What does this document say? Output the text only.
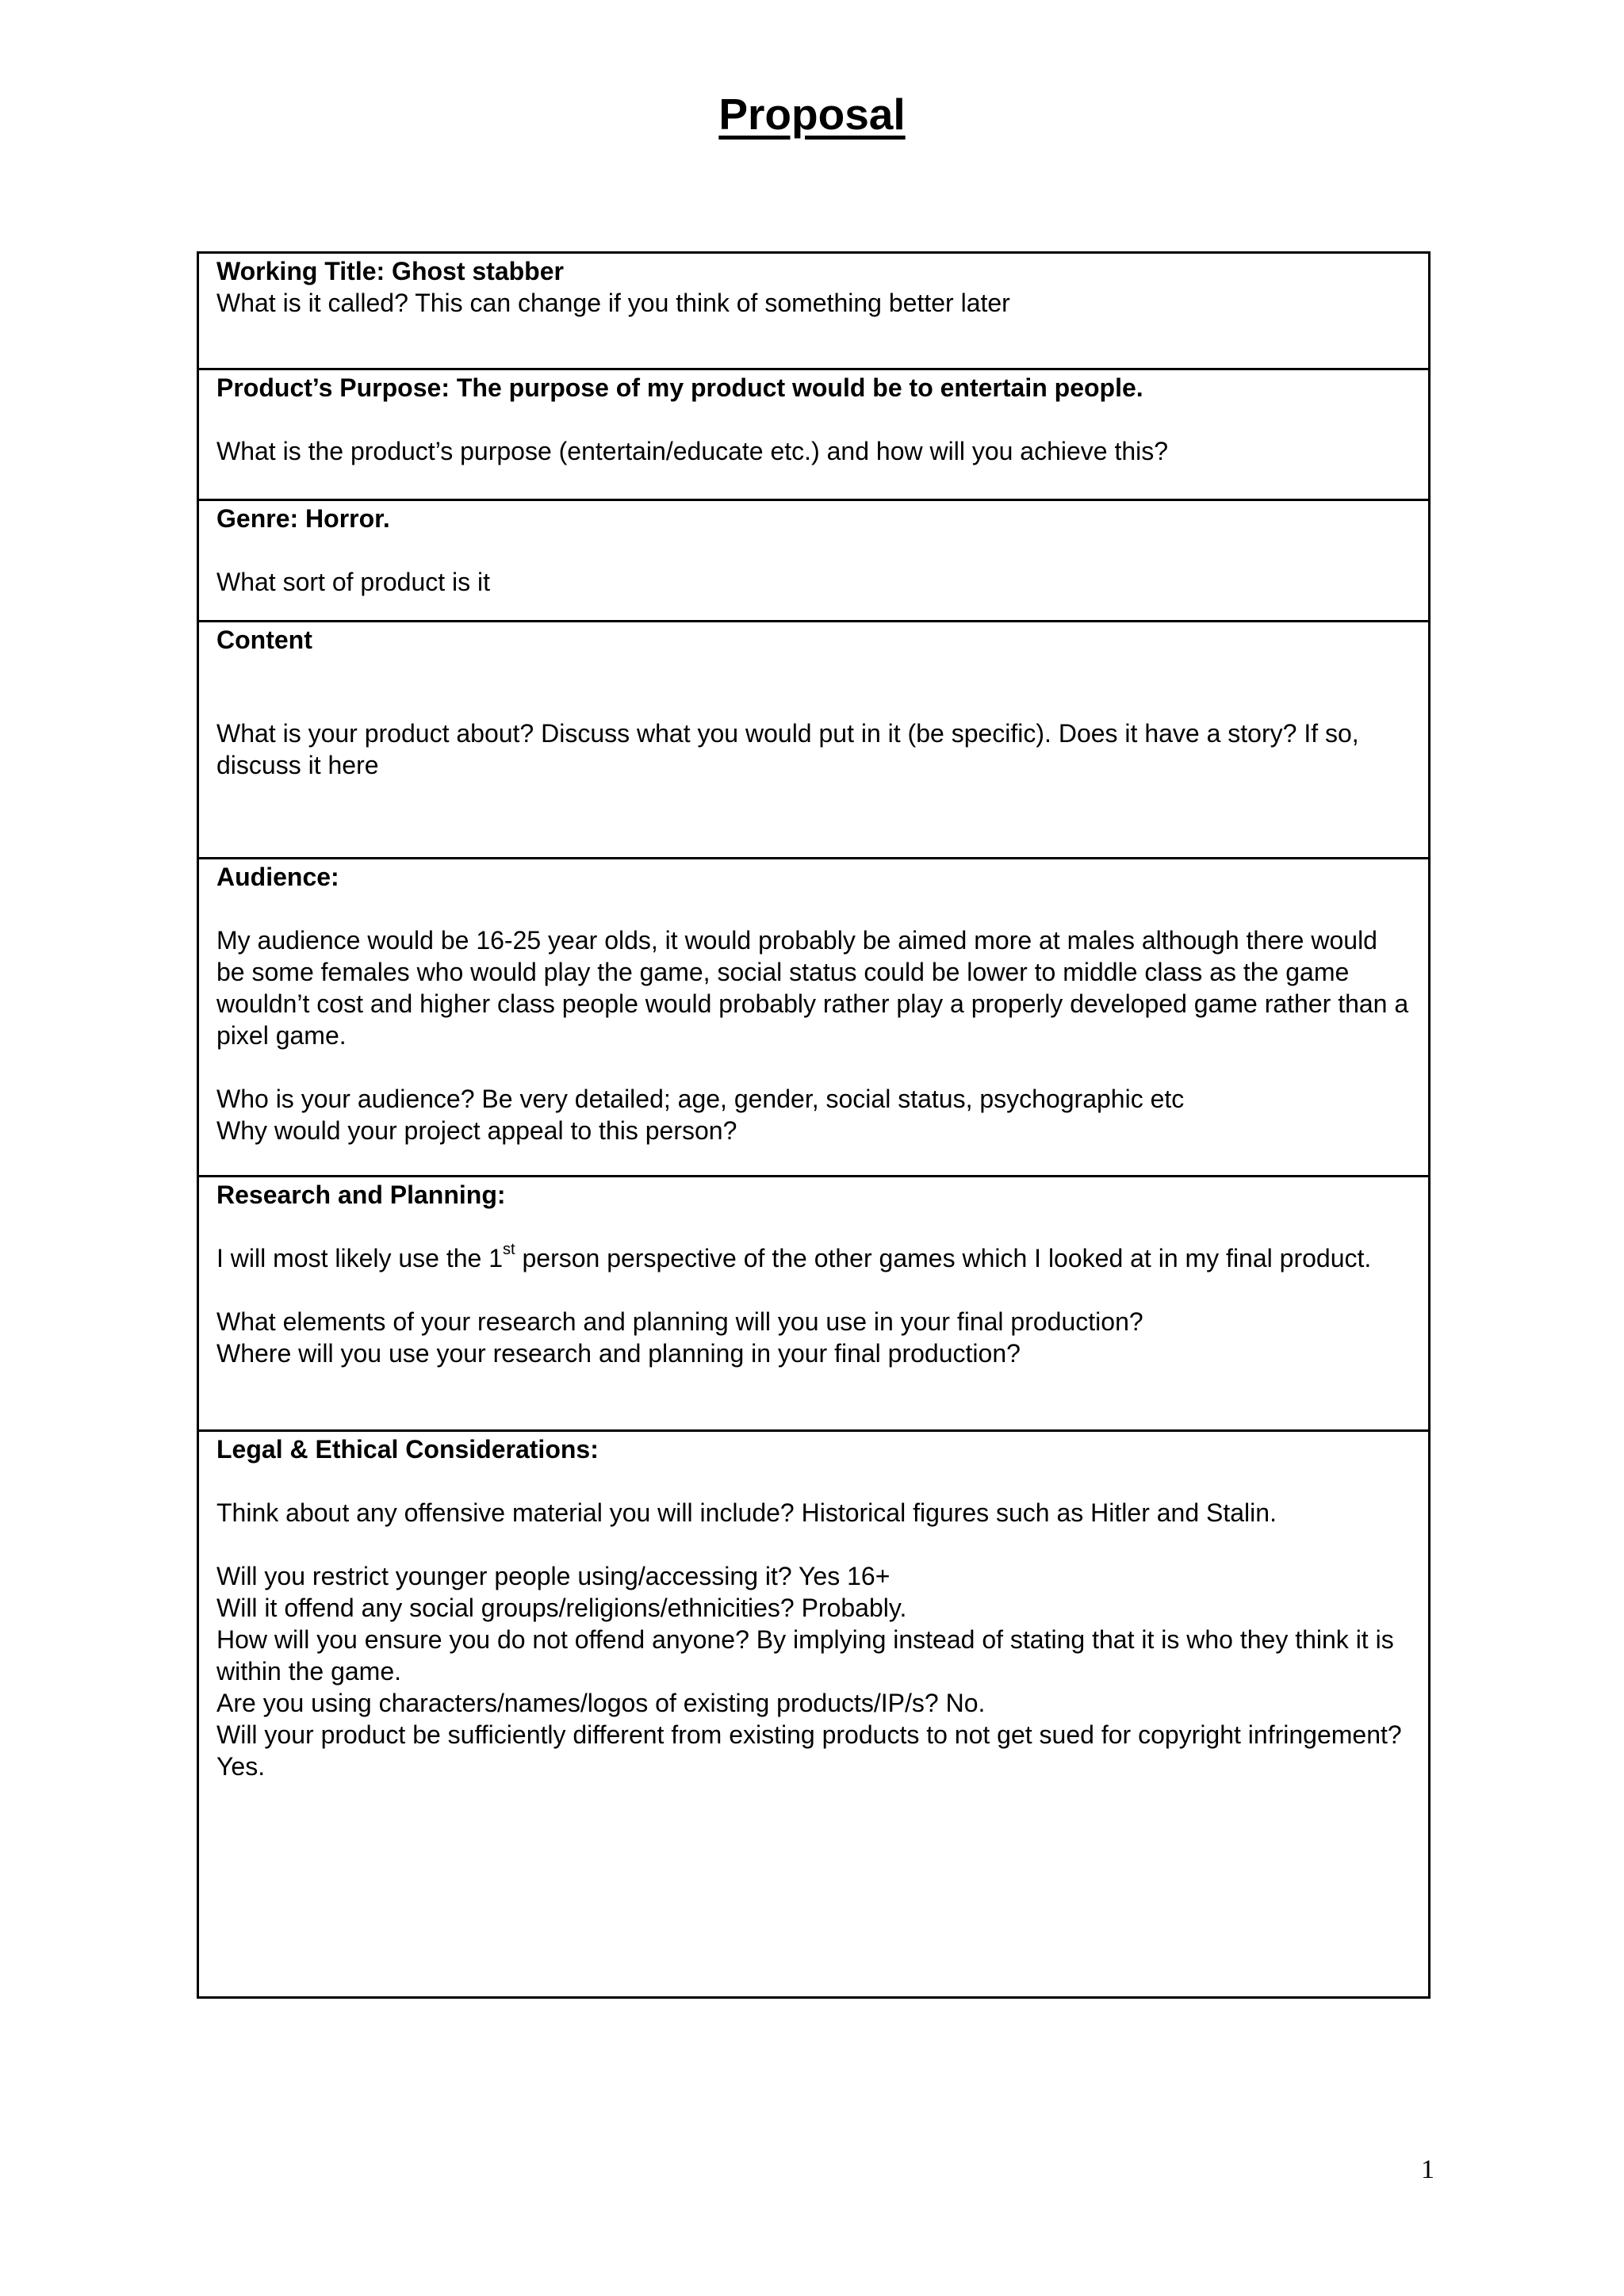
Proposal

Working Title: Ghost stabber

What is it called? This can change if you think of something better later

Product’s Purpose: The purpose of my product would be to entertain people.

What is the product’s purpose (entertain/educate etc.) and how will you achieve this?

Genre: Horror.

What sort of product is it

Content

What is your product about? Discuss what you would put in it (be specific). Does it have a story? If so, discuss it here

Audience:

My audience would be 16-25 year olds, it would probably be aimed more at males although there would be some females who would play the game, social status could be lower to middle class as the game wouldn’t cost and higher class people would probably rather play a properly developed game rather than a pixel game.

Who is your audience? Be very detailed; age, gender, social status, psychographic etc

Why would your project appeal to this person?

Research and Planning:

I will most likely use the 1st person perspective of the other games which I looked at in my final product.

What elements of your research and planning will you use in your final production?

Where will you use your research and planning in your final production?

Legal & Ethical Considerations:

Think about any offensive material you will include? Historical figures such as Hitler and Stalin.

Will you restrict younger people using/accessing it? Yes 16+

Will it offend any social groups/religions/ethnicities? Probably.

How will you ensure you do not offend anyone? By implying instead of stating that it is who they think it is within the game.

Are you using characters/names/logos of existing products/IP/s? No.

Will your product be sufficiently different from existing products to not get sued for copyright infringement? Yes.

1
